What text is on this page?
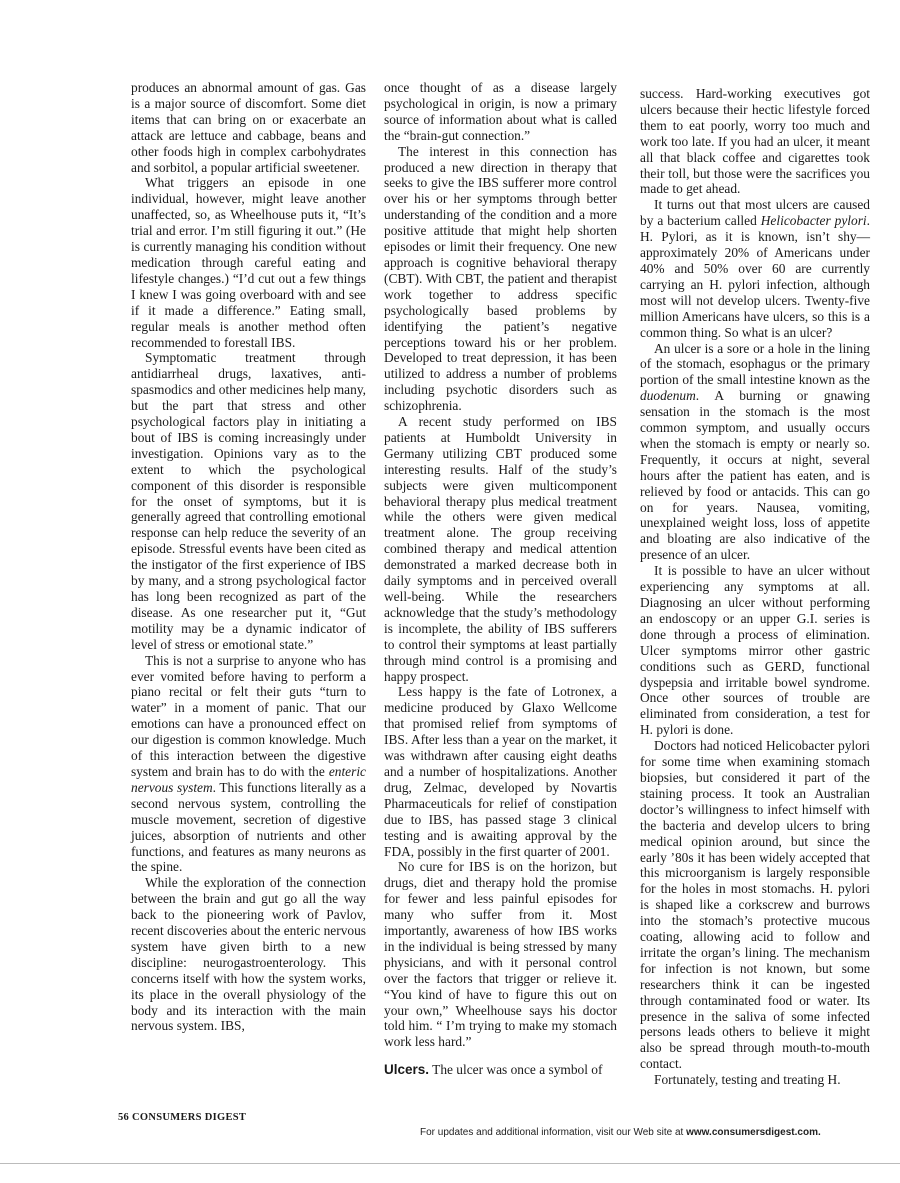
produces an abnormal amount of gas. Gas is a major source of discomfort. Some diet items that can bring on or exacerbate an attack are lettuce and cabbage, beans and other foods high in complex carbohydrates and sorbitol, a popular artificial sweetener.

What triggers an episode in one individual, however, might leave another unaffected, so, as Wheelhouse puts it, “It’s trial and error. I’m still figuring it out.” (He is currently managing his condition without medication through careful eating and lifestyle changes.) “I’d cut out a few things I knew I was going overboard with and see if it made a difference.” Eating small, regular meals is another method often recommended to forestall IBS.

Symptomatic treatment through antidiarrheal drugs, laxatives, anti-spasmodics and other medicines help many, but the part that stress and other psychological factors play in initiating a bout of IBS is coming increasingly under investigation. Opinions vary as to the extent to which the psychological component of this disorder is responsible for the onset of symptoms, but it is generally agreed that controlling emotional response can help reduce the severity of an episode. Stressful events have been cited as the instigator of the first experience of IBS by many, and a strong psychological factor has long been recognized as part of the disease. As one researcher put it, “Gut motility may be a dynamic indicator of level of stress or emotional state.”

This is not a surprise to anyone who has ever vomited before having to perform a piano recital or felt their guts “turn to water” in a moment of panic. That our emotions can have a pronounced effect on our digestion is common knowledge. Much of this interaction between the digestive system and brain has to do with the enteric nervous system. This functions literally as a second nervous system, controlling the muscle movement, secretion of digestive juices, absorption of nutrients and other functions, and features as many neurons as the spine.

While the exploration of the connection between the brain and gut go all the way back to the pioneering work of Pavlov, recent discoveries about the enteric nervous system have given birth to a new discipline: neurogastroenterology. This concerns itself with how the system works, its place in the overall physiology of the body and its interaction with the main nervous system. IBS,

once thought of as a disease largely psychological in origin, is now a primary source of information about what is called the “brain-gut connection.”

The interest in this connection has produced a new direction in therapy that seeks to give the IBS sufferer more control over his or her symptoms through better understanding of the condition and a more positive attitude that might help shorten episodes or limit their frequency. One new approach is cognitive behavioral therapy (CBT). With CBT, the patient and therapist work together to address specific psychologically based problems by identifying the patient’s negative perceptions toward his or her problem. Developed to treat depression, it has been utilized to address a number of problems including psychotic disorders such as schizophrenia.

A recent study performed on IBS patients at Humboldt University in Germany utilizing CBT produced some interesting results. Half of the study’s subjects were given multicomponent behavioral therapy plus medical treatment while the others were given medical treatment alone. The group receiving combined therapy and medical attention demonstrated a marked decrease both in daily symptoms and in perceived overall well-being. While the researchers acknowledge that the study’s methodology is incomplete, the ability of IBS sufferers to control their symptoms at least partially through mind control is a promising and happy prospect.

Less happy is the fate of Lotronex, a medicine produced by Glaxo Wellcome that promised relief from symptoms of IBS. After less than a year on the market, it was withdrawn after causing eight deaths and a number of hospitalizations. Another drug, Zelmac, developed by Novartis Pharmaceuticals for relief of constipation due to IBS, has passed stage 3 clinical testing and is awaiting approval by the FDA, possibly in the first quarter of 2001.

No cure for IBS is on the horizon, but drugs, diet and therapy hold the promise for fewer and less painful episodes for many who suffer from it. Most importantly, awareness of how IBS works in the individual is being stressed by many physicians, and with it personal control over the factors that trigger or relieve it. “You kind of have to figure this out on your own,” Wheelhouse says his doctor told him. “ I’m trying to make my stomach work less hard.”

Ulcers. The ulcer was once a symbol of

success. Hard-working executives got ulcers because their hectic lifestyle forced them to eat poorly, worry too much and work too late. If you had an ulcer, it meant all that black coffee and cigarettes took their toll, but those were the sacrifices you made to get ahead.

It turns out that most ulcers are caused by a bacterium called Helicobacter pylori. H. Pylori, as it is known, isn’t shy—approximately 20% of Americans under 40% and 50% over 60 are currently carrying an H. pylori infection, although most will not develop ulcers. Twenty-five million Americans have ulcers, so this is a common thing. So what is an ulcer?

An ulcer is a sore or a hole in the lining of the stomach, esophagus or the primary portion of the small intestine known as the duodenum. A burning or gnawing sensation in the stomach is the most common symptom, and usually occurs when the stomach is empty or nearly so. Frequently, it occurs at night, several hours after the patient has eaten, and is relieved by food or antacids. This can go on for years. Nausea, vomiting, unexplained weight loss, loss of appetite and bloating are also indicative of the presence of an ulcer.

It is possible to have an ulcer without experiencing any symptoms at all. Diagnosing an ulcer without performing an endoscopy or an upper G.I. series is done through a process of elimination. Ulcer symptoms mirror other gastric conditions such as GERD, functional dyspepsia and irritable bowel syndrome. Once other sources of trouble are eliminated from consideration, a test for H. pylori is done.

Doctors had noticed Helicobacter pylori for some time when examining stomach biopsies, but considered it part of the staining process. It took an Australian doctor’s willingness to infect himself with the bacteria and develop ulcers to bring medical opinion around, but since the early ’80s it has been widely accepted that this microorganism is largely responsible for the holes in most stomachs. H. pylori is shaped like a corkscrew and burrows into the stomach’s protective mucous coating, allowing acid to follow and irritate the organ’s lining. The mechanism for infection is not known, but some researchers think it can be ingested through contaminated food or water. Its presence in the saliva of some infected persons leads others to believe it might also be spread through mouth-to-mouth contact.

Fortunately, testing and treating H.

56 CONSUMERS DIGEST
For updates and additional information, visit our Web site at www.consumersdigest.com.
